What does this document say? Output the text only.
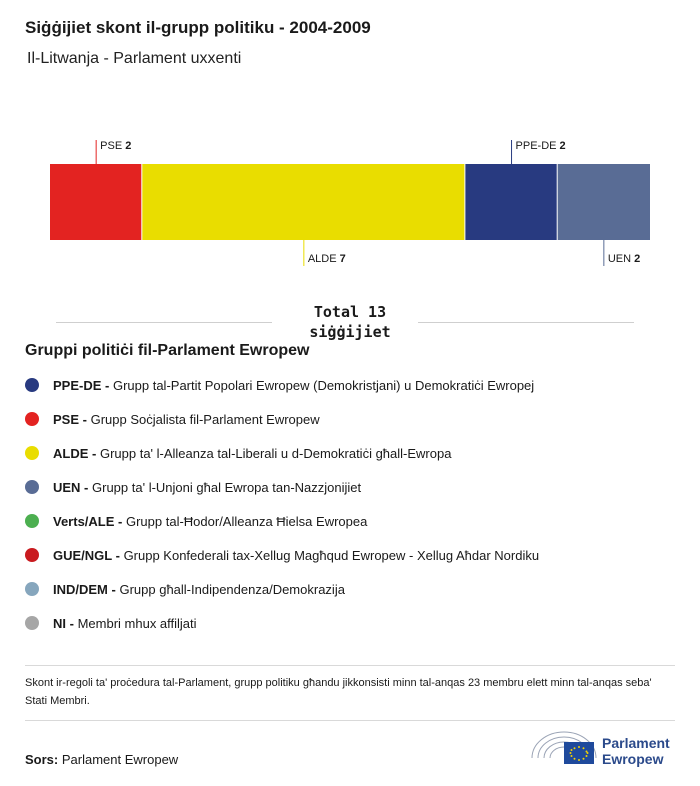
Siġġijiet skont il-grupp politiku - 2004-2009
Il-Litwanja - Parlament uxxenti
PSE 2
ALDE 7
PPE-DE 2
UEN 2
Total 13
siġġijiet
Gruppi politiċi fil-Parlament Ewropew
PPE-DE -
Grupp tal-Partit Popolari Ewropew (Demokristjani) u Demokratiċi Ewropej
PSE -
Grupp Soċjalista fil-Parlament Ewropew
ALDE -
Grupp ta' l-Alleanza tal-Liberali u d-Demokratiċi għall-Ewropa
UEN -
Grupp ta' l-Unjoni għal Ewropa tan-Nazzjonijiet
Verts/ALE -
Grupp tal-Ħodor/Alleanza Ħielsa Ewropea
GUE/NGL -
Grupp Konfederali tax-Xellug Magħqud Ewropew - Xellug Aħdar Nordiku
IND/DEM -
Grupp għall-Indipendenza/Demokrazija
NI -
Membri mhux affiljati
Skont ir-regoli ta' proċedura tal-Parlament, grupp politiku għandu jikkonsisti minn tal-anqas 23 membru elett minn tal-anqas seba' Stati Membri.
Sors: Parlament Ewropew
Parlament
Ewropew
